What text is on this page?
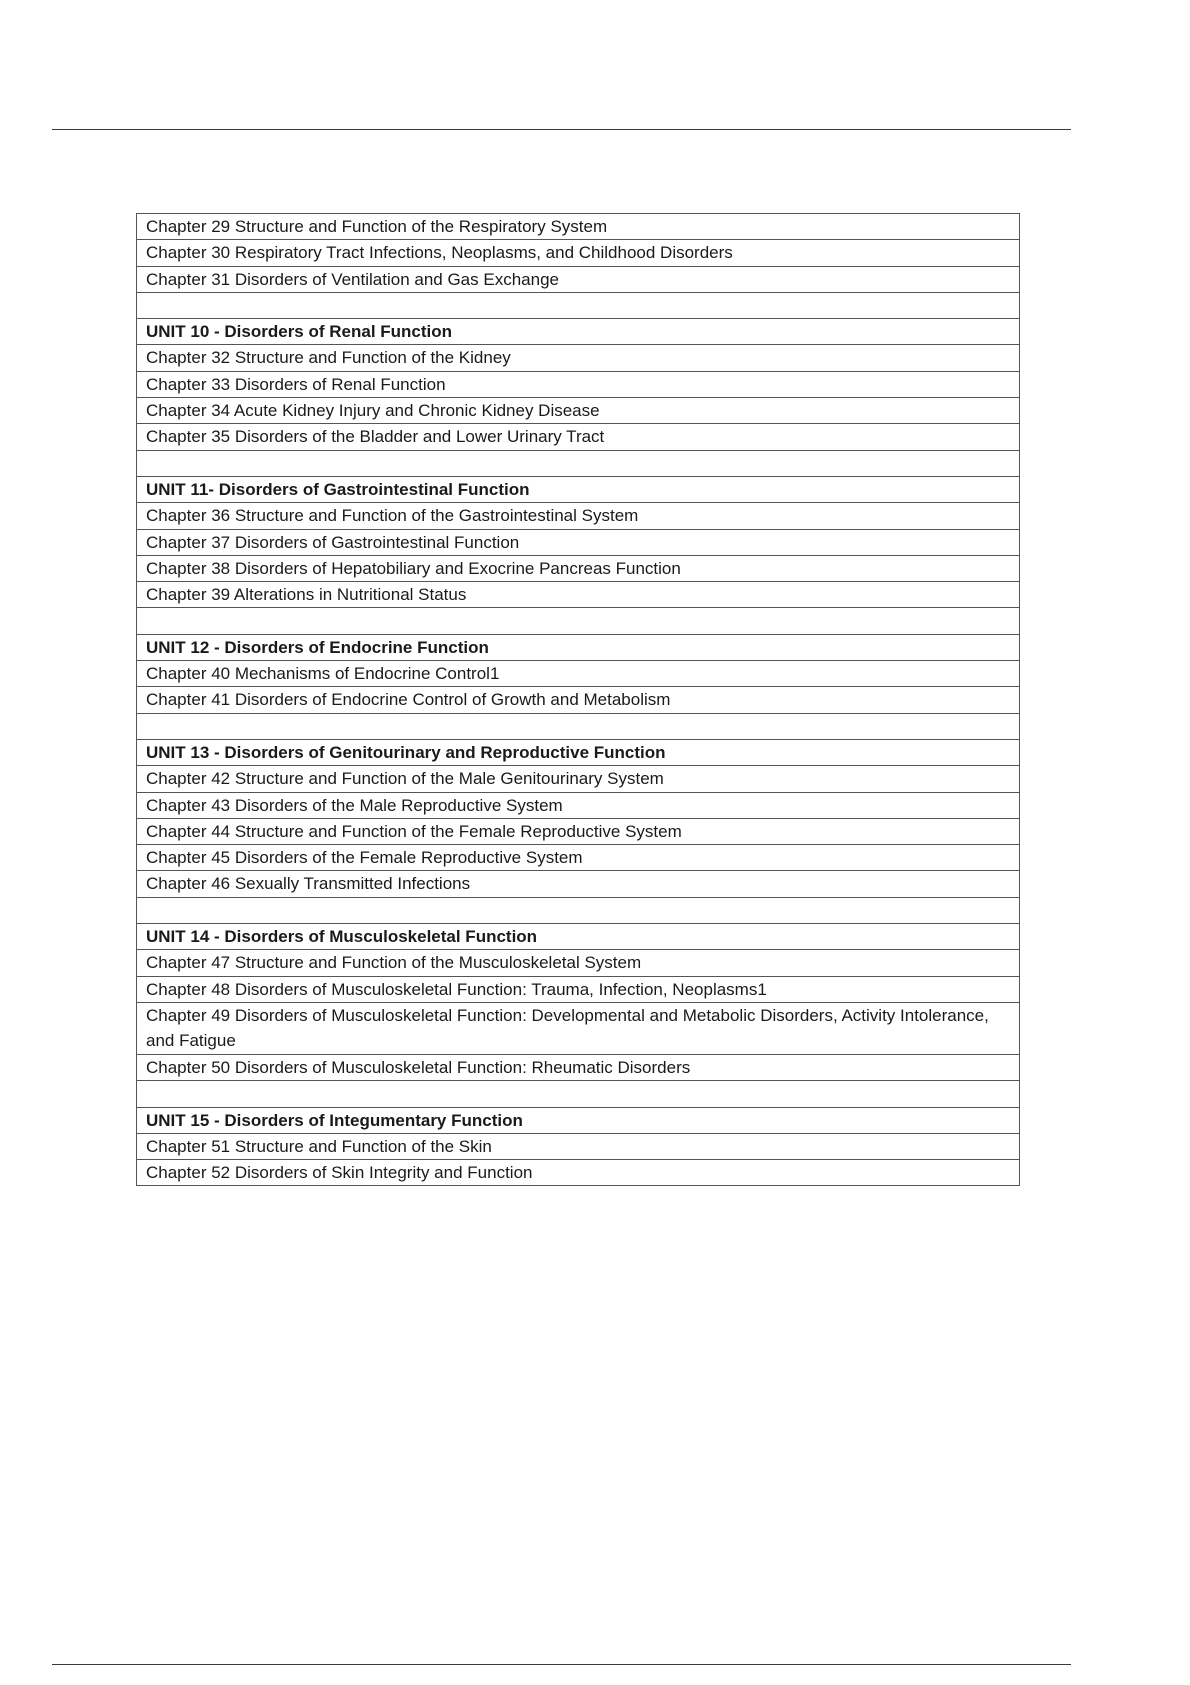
Chapter 29 Structure and Function of the Respiratory System
Chapter 30 Respiratory Tract Infections, Neoplasms, and Childhood Disorders
Chapter 31 Disorders of Ventilation and Gas Exchange

UNIT 10 - Disorders of Renal Function
Chapter 32 Structure and Function of the Kidney
Chapter 33 Disorders of Renal Function
Chapter 34 Acute Kidney Injury and Chronic Kidney Disease
Chapter 35 Disorders of the Bladder and Lower Urinary Tract

UNIT 11- Disorders of Gastrointestinal Function
Chapter 36 Structure and Function of the Gastrointestinal System
Chapter 37 Disorders of Gastrointestinal Function
Chapter 38 Disorders of Hepatobiliary and Exocrine Pancreas Function
Chapter 39 Alterations in Nutritional Status

UNIT 12 - Disorders of Endocrine Function
Chapter 40 Mechanisms of Endocrine Control1
Chapter 41 Disorders of Endocrine Control of Growth and Metabolism

UNIT 13 - Disorders of Genitourinary and Reproductive Function
Chapter 42 Structure and Function of the Male Genitourinary System
Chapter 43 Disorders of the Male Reproductive System
Chapter 44 Structure and Function of the Female Reproductive System
Chapter 45 Disorders of the Female Reproductive System
Chapter 46 Sexually Transmitted Infections

UNIT 14 - Disorders of Musculoskeletal Function
Chapter 47 Structure and Function of the Musculoskeletal System
Chapter 48 Disorders of Musculoskeletal Function: Trauma, Infection, Neoplasms1
Chapter 49 Disorders of Musculoskeletal Function: Developmental and Metabolic Disorders, Activity Intolerance, and Fatigue
Chapter 50 Disorders of Musculoskeletal Function: Rheumatic Disorders

UNIT 15 - Disorders of Integumentary Function
Chapter 51 Structure and Function of the Skin
Chapter 52 Disorders of Skin Integrity and Function
